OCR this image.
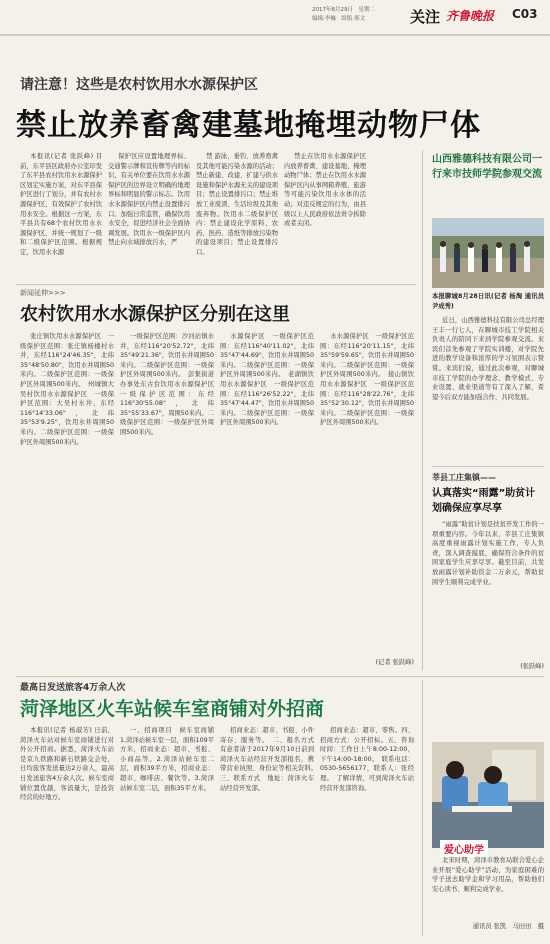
2017年8月29日　星期二
编辑:李巍　组版:邢文	关注 齐鲁晚报 C03
请注意！这些是农村饮用水水源保护区
禁止放养畜禽建墓地掩埋动物尸体

本报讯(记者 张跃峰) 目前，东平县区政府办公室印发了东平县农村饮用水水源保护区划定实施方案，对东平县保护区进行了划分，并有农村水源保护区，有效保护了农村饮用水安全。根据这一方案，东平县共有68个农村饮用水水源保护区，并统一规划了一级和二级保护区范围。根据规定，饮用水水源

保护区应设置地理界标、交通警示牌和宣传牌等内的标识，有关单位要在饮用水水源保护区的边界设立明确的地理界标和明显的警示标志。饮用水水源保护区内禁止设置排污口。加强日常监管，确保饮用水安全，促进经济社会全面协调发展。饮用水一级保护区内禁止向水域排放污水，严

禁 游泳、垂钓、放养畜禽及其他可能污染水源的活动；禁止新建、改建、扩建与供水设施和保护水源无关的建设项目；禁止设置排污口；禁止堆放工业废渣、生活垃圾及其他废弃物。饮用水二级保护区内：禁止建设化学原料、农药、医药、造纸等排放污染物的建设项目；禁止设置排污口。

禁止在饮用水水源保护区内放养畜禽、建设墓地、掩埋动物尸体；禁止在饮用水水源保护区内从事网箱养殖、旅游等可能污染饮用水水体的活动；对违反规定的行为，由县级以上人民政府依法责令拆除或者关闭。

山西雅德科技有限公司一行来市技师学院参观交流
本报聊城8月28日讯(记者 杨淘 通讯员 尹成秀)

近日，山西雅德科技有限公司总经理王丰一行七人，在聊城市技工学院相关负责人的陪同下来到学院参观交流。来宾们首先参观了学院实训楼，对学院先进的教学设备和浓厚的学习氛围表示赞赏。来宾们说，通过此次参观，对聊城市技工学院的办学理念、教学模式、专业设置、就业渠道等有了深入了解，希望今后双方能加强合作，共同发展。

莘县工庄集镇——
认真落实“雨露”助贫计划确保应享尽享

“雨露”助贫计划是扶贫开发工作的一项重要内容。今年以来，莘县工庄集镇高度重视雨露计划实施工作，专人负责，深入调查摸底，确保符合条件的贫困家庭学生应享尽享。截至目前，共发放雨露计划补助资金二万余元，帮助贫困学生顺利完成学业。

(张跃峰)
新闻延伸>>>
农村饮用水水源保护区分别在这里

张庄镇饮用水水源保护区　一级保护区范围：张庄镇杨楼村水井，东经116°24'46.35"，北纬35°48'50.80"，饮用水井周围50米内。二级保护区范围：一级保护区外周围500米内。　州城镇大吴村饮用水水源保护区　一级保护区范围：大吴村水井，东经116°14'33.06"，北纬35°53'9.25"，饮用水井周围50米内。二级保护区范围：一级保护区外周围500米内。

一级保护区范围：沙河站镇水井，东经116°20'52.72"，北纬35°49'21.36"，饮用水井周围50米内。二级保护区范围：一级保护区外周围500米内。　彭集街道办事处东古台饮用水水源保护区　一级保护区范围：东经116°30'55.08"，北纬35°55'33.67"，周围50米内。二级保护区范围：一级保护区外周围500米内。

水源保护区　一级保护区范围：东经116°40'11.02"，北纬35°47'44.69"，饮用水井周围50米内。二级保护区范围：一级保护区外周围500米内。　老湖镇饮用水水源保护区　一级保护区范围：东经116°26'52.22"，北纬35°47'44.47"，饮用水井周围50米内。二级保护区范围：一级保护区外周围500米内。

水水源保护区　一级保护区范围：东经116°20'11.15"，北纬35°59'59.65"，饮用水井周围50米内。二级保护区范围：一级保护区外周围500米内。　接山镇饮用水水源保护区　一级保护区范围：东经116°28'22.76"，北纬35°52'30.12"，饮用水井周围50米内。二级保护区范围：一级保护区外周围500米内。

(记者 张跃峰)
最高日发送旅客4万余人次
菏泽地区火车站候车室商铺对外招商

本报讯(记者 杨淑芳) 日前，菏泽火车站对候车室商铺进行对外公开招商。据悉，菏泽火车站是京九铁路和新石铁路交会处，日均旅客发送量达2万余人，最高日发送旅客4万余人次。候车室商铺位置优越，客流量大，是投资经营的好地方。

一、招商项目　候车室商铺　1.菏泽站候车室一层，面积109平方米，招商业态：超市、书报、小商品等。2.菏泽站候车室二层，面积39平方米，招商业态：超市、咖啡店、餐饮等。3.菏泽站候车室二层，面积35平方米。

招商业态：超市、书报、小件寄存、服务等。　二、报名方式　有意者请于2017年9月10日前到菏泽火车站经营开发部报名，携带营业执照、身份证等相关资料。　三、联系方式　地址：菏泽火车站经营开发部。

招商业态：超市、零售。四、招商方式：公开招标。五、咨询时间：工作日上午8:00-12:00，下午14:00-18:00。　联系电话：0530-5656177，联系人：张经理。　了解详情，可到菏泽火车站经营开发部咨询。

爱心助学

北宋时期，菏泽市教育局联合爱心企业开展“爱心助学”活动，为家庭困难的学子送去助学金和学习用品，帮助他们安心读书、顺利完成学业。

通讯员 张凯　马田田　摄
